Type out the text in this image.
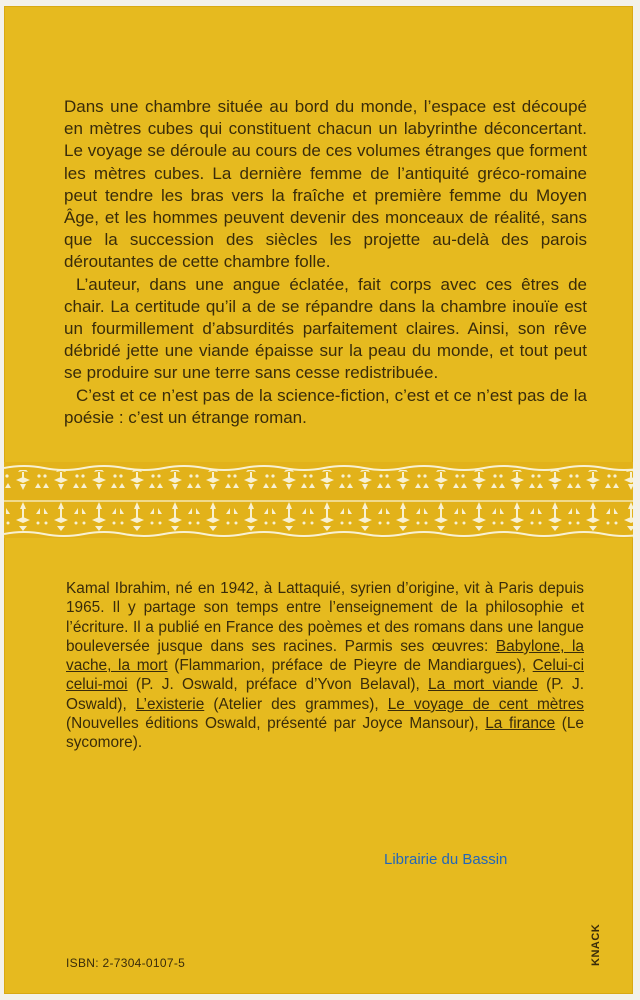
Dans une chambre située au bord du monde, l’espace est découpé en mètres cubes qui constituent chacun un labyrinthe déconcertant. Le voyage se déroule au cours de ces volumes étranges que forment les mètres cubes. La dernière femme de l’antiquité gréco-romaine peut tendre les bras vers la fraîche et première femme du Moyen Âge, et les hommes peuvent devenir des monceaux de réalité, sans que la succession des siècles les projette au-delà des parois déroutantes de cette chambre folle.

L’auteur, dans une angue éclatée, fait corps avec ces êtres de chair. La certitude qu’il a de se répandre dans la chambre inouïe est un fourmillement d’absurdités parfaitement claires. Ainsi, son rêve débridé jette une viande épaisse sur la peau du monde, et tout peut se produire sur une terre sans cesse redistribuée.

C’est et ce n’est pas de la science-fiction, c’est et ce n’est pas de la poésie : c’est un étrange roman.

Kamal Ibrahim, né en 1942, à Lattaquié, syrien d’origine, vit à Paris depuis 1965. Il y partage son temps entre l’enseignement de la philosophie et l’écriture. Il a publié en France des poèmes et des romans dans une langue bouleversée jusque dans ses racines. Parmis ses œuvres: Babylone, la vache, la mort (Flammarion, préface de Pieyre de Mandiargues), Celui-ci celui-moi (P. J. Oswald, préface d’Yvon Belaval), La mort viande (P. J. Oswald), L’existerie (Atelier des grammes), Le voyage de cent mètres (Nouvelles éditions Oswald, présenté par Joyce Mansour), La firance (Le sycomore).

Librairie du Bassin
ISBN: 2-7304-0107-5	KNACK
